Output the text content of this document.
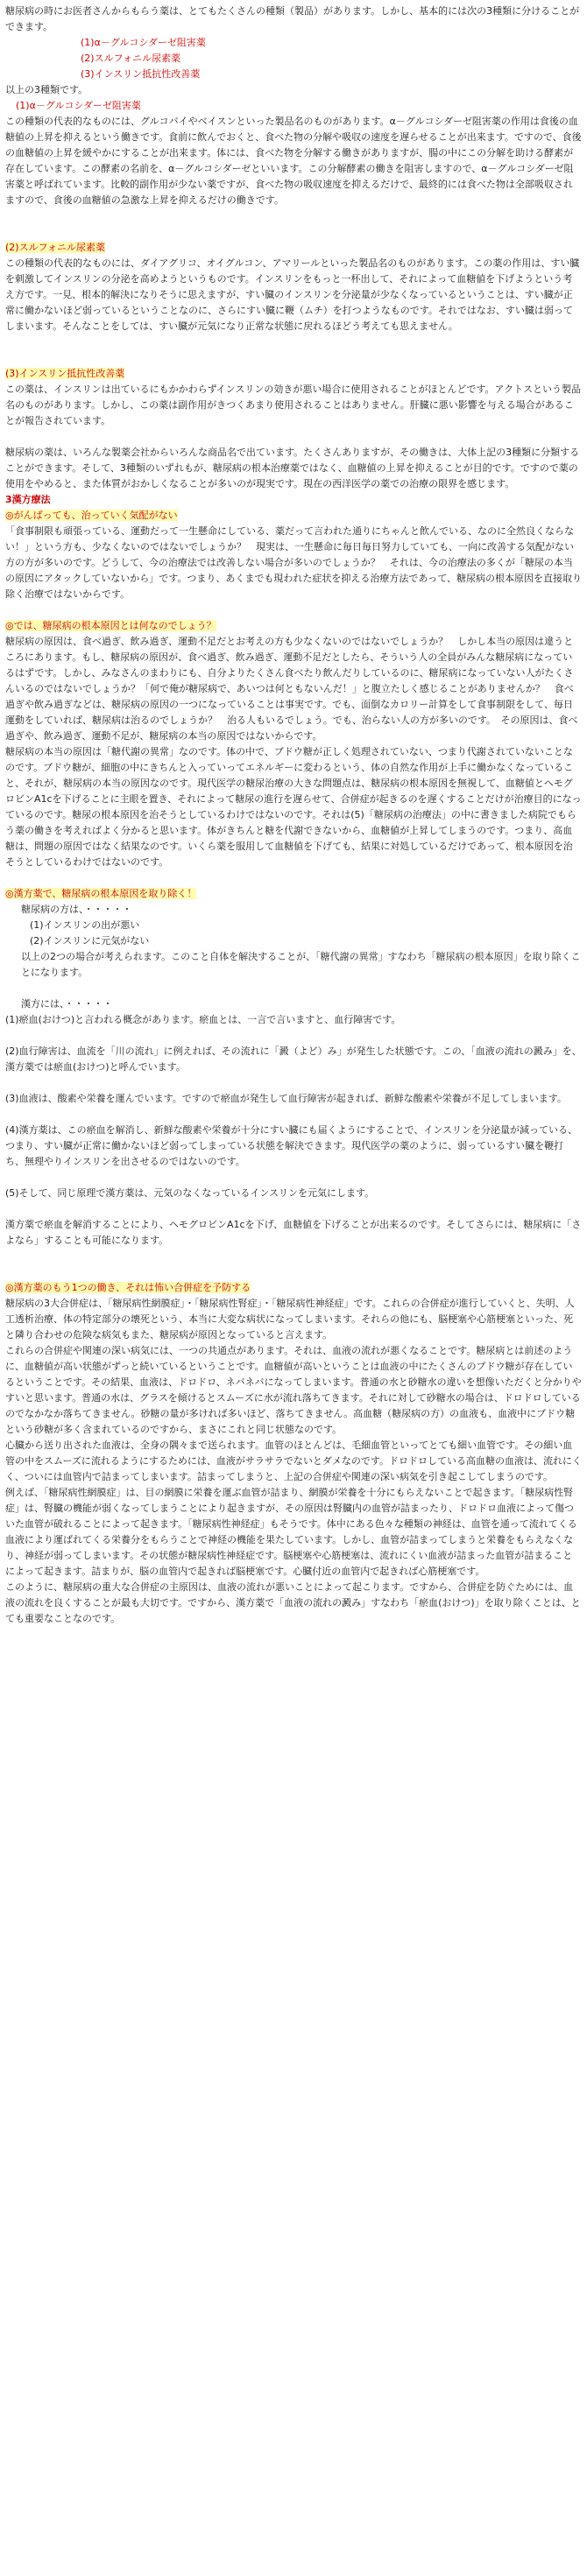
糖尿病の時にお医者さんからもらう薬は、とてもたくさんの種類（製品）があります。しかし、基本的には次の3種類に分けることができます。

(1)α－グルコシダーゼ阻害薬

(2)スルフォニル尿素薬

(3)インスリン抵抗性改善薬

以上の3種類です。

(1)α－グルコシダーゼ阻害薬

この種類の代表的なものには、グルコバイやベイスンといった製品名のものがあります。α－グルコシダーゼ阻害薬の作用は食後の血糖値の上昇を抑えるという働きです。食前に飲んでおくと、食べた物の分解や吸収の速度を遅らせることが出来ます。ですので、食後の血糖値の上昇を緩やかにすることが出来ます。体には、食べた物を分解する働きがありますが、腸の中にこの分解を助ける酵素が存在しています。この酵素の名前を、α－グルコシダーゼといいます。この分解酵素の働きを阻害しますので、α－グルコシダーゼ阻害薬と呼ばれています。比較的副作用が少ない薬ですが、食べた物の吸収速度を抑えるだけで、最終的には食べた物は全部吸収されますので、食後の血糖値の急激な上昇を抑えるだけの働きです。

(2)スルフォニル尿素薬

この種類の代表的なものには、ダイアグリコ、オイグルコン、アマリールといった製品名のものがあります。この薬の作用は、すい臓を刺激してインスリンの分泌を高めようというものです。インスリンをもっと一杯出して、それによって血糖値を下げようという考え方です。一見、根本的解決になりそうに思えますが、すい臓のインスリンを分泌量が少なくなっているということは、すい臓が正常に働かないほど弱っているということなのに、さらにすい臓に鞭（ムチ）を打つようなものです。それではなお、すい臓は弱ってしまいます。そんなことをしては、すい臓が元気になり正常な状態に戻れるほどう考えても思えません。

(3)インスリン抵抗性改善薬

この薬は、インスリンは出ているにもかかわらずインスリンの効きが悪い場合に使用されることがほとんどです。アクトスという製品名のものがあります。しかし、この薬は副作用がきつくあまり使用されることはありません。肝臓に悪い影響を与える場合があることが報告されています。

糖尿病の薬は、いろんな製薬会社からいろんな商品名で出ています。たくさんありますが、その働きは、大体上記の3種類に分類することができます。そして、3種類のいずれもが、糖尿病の根本治療薬ではなく、血糖値の上昇を抑えることが目的です。ですので薬の使用をやめると、また体質がおかしくなることが多いのが現実です。現在の西洋医学の薬での治療の限界を感じます。

3漢方療法

◎がんばっても、治っていく気配がない

「食事制限も頑張っている、運動だって一生懸命にしている、薬だって言われた通りにちゃんと飲んでいる、なのに全然良くならない！」という方も、少なくないのではないでしょうか？　現実は、一生懸命に毎日毎日努力していても、一向に改善する気配がない方の方が多いのです。どうして、今の治療法では改善しない場合が多いのでしょうか？　それは、今の治療法の多くが「糖尿の本当の原因にアタックしていないから」です。つまり、あくまでも現われた症状を抑える治療方法であって、糖尿病の根本原因を直接取り除く治療ではないからです。

◎では、糖尿病の根本原因とは何なのでしょう？

糖尿病の原因は、食べ過ぎ、飲み過ぎ、運動不足だとお考えの方も少なくないのではないでしょうか？　しかし本当の原因は違うところにあります。もし、糖尿病の原因が、食べ過ぎ、飲み過ぎ、運動不足だとしたら、そういう人の全員がみんな糖尿病になっているはずです。しかし、みなさんのまわりにも、自分よりたくさん食べたり飲んだりしているのに、糖尿病になっていない人がたくさんいるのではないでしょうか？「何で俺が糖尿病で、あいつは何ともないんだ！」と腹立たしく感じることがありませんか？　食べ過ぎや飲み過ぎなどは、糖尿病の原因の一つになっていることは事実です。でも、面倒なカロリー計算をして食事制限をして、毎日運動をしていれば、糖尿病は治るのでしょうか？　治る人もいるでしょう。でも、治らない人の方が多いのです。　その原因は、食べ過ぎや、飲み過ぎ、運動不足が、糖尿病の本当の原因ではないからです。

糖尿病の本当の原因は「糖代謝の異常」なのです。体の中で、ブドウ糖が正しく処理されていない、つまり代謝されていないことなのです。ブドウ糖が、細胞の中にきちんと入っていってエネルギーに変わるという、体の自然な作用が上手に働かなくなっていること、それが、糖尿病の本当の原因なのです。現代医学の糖尿治療の大きな問題点は、糖尿病の根本原因を無視して、血糖値とヘモグロビンA1cを下げることに主眼を置き、それによって糖尿の進行を遅らせて、合併症が起きるのを遅くすることだけが治療目的になっているのです。糖尿の根本原因を治そうとしているわけではないのです。それは(5)「糖尿病の治療法」の中に書きました病院でもらう薬の働きを考えればよく分かると思います。体がきちんと糖を代謝できないから、血糖値が上昇してしまうのです。つまり、高血糖は、問題の原因ではなく結果なのです。いくら薬を服用して血糖値を下げても、結果に対処しているだけであって、根本原因を治そうとしているわけではないのです。

◎漢方薬で、糖尿病の根本原因を取り除く！

糖尿病の方は、・・・・・

(1)インスリンの出が悪い

(2)インスリンに元気がない

以上の2つの場合が考えられます。このこと自体を解決することが、「糖代謝の異常」すなわち「糖尿病の根本原因」を取り除くことになります。

漢方には、・・・・・

(1)瘀血(おけつ)と言われる概念があります。瘀血とは、一言で言いますと、血行障害です。

(2)血行障害は、血流を「川の流れ」に例えれば、その流れに「澱（よど）み」が発生した状態です。この、「血液の流れの澱み」を、漢方薬では瘀血(おけつ)と呼んでいます。

(3)血液は、酸素や栄養を運んでいます。ですので瘀血が発生して血行障害が起きれば、新鮮な酸素や栄養が不足してしまいます。

(4)漢方薬は、この瘀血を解消し、新鮮な酸素や栄養が十分にすい臓にも届くようにすることで、インスリンを分泌量が減っている、つまり、すい臓が正常に働かないほど弱ってしまっている状態を解決できます。現代医学の薬のように、弱っているすい臓を鞭打ち、無理やりインスリンを出させるのではないのです。

(5)そして、同じ原理で漢方薬は、元気のなくなっているインスリンを元気にします。

漢方薬で瘀血を解消することにより、ヘモグロビンA1cを下げ、血糖値を下げることが出来るのです。そしてさらには、糖尿病に「さよなら」することも可能になります。

◎漢方薬のもう1つの働き、それは怖い合併症を予防する

糖尿病の3大合併症は、「糖尿病性網膜症」・「糖尿病性腎症」・「糖尿病性神経症」です。これらの合併症が進行していくと、失明、人工透析治療、体の特定部分の壊死という、本当に大変な病状になってしまいます。それらの他にも、脳梗塞や心筋梗塞といった、死と隣り合わせの危険な病気もまた、糖尿病が原因となっていると言えます。

これらの合併症や関連の深い病気には、一つの共通点があります。それは、血液の流れが悪くなることです。糖尿病とは前述のように、血糖値が高い状態がずっと続いているということです。血糖値が高いということは血液の中にたくさんのブドウ糖が存在しているということです。その結果、血液は、ドロドロ、ネバネバになってしまいます。普通の水と砂糖水の違いを想像いただくと分かりやすいと思います。普通の水は、グラスを傾けるとスムーズに水が流れ落ちてきます。それに対して砂糖水の場合は、ドロドロしているのでなかなか落ちてきません。砂糖の量が多ければ多いほど、落ちてきません。高血糖（糖尿病の方）の血液も、血液中にブドウ糖という砂糖が多く含まれているのですから、まさにこれと同じ状態なのです。

心臓から送り出された血液は、全身の隅々まで送られます。血管のほとんどは、毛細血管といってとても細い血管です。その細い血管の中をスムーズに流れるようにするためには、血液がサラサラでないとダメなのです。ドロドロしている高血糖の血液は、流れにくく、ついには血管内で詰まってしまいます。詰まってしまうと、上記の合併症や関連の深い病気を引き起こしてしまうのです。

例えば、「糖尿病性網膜症」は、目の網膜に栄養を運ぶ血管が詰まり、網膜が栄養を十分にもらえないことで起きます。「糖尿病性腎症」は、腎臓の機能が弱くなってしまうことにより起きますが、その原因は腎臓内の血管が詰まったり、ドロドロ血液によって傷ついた血管が破れることによって起きます。「糖尿病性神経症」もそうです。体中にある色々な種類の神経は、血管を通って流れてくる血液により運ばれてくる栄養分をもらうことで神経の機能を果たしています。しかし、血管が詰まってしまうと栄養をもらえなくなり、神経が弱ってしまいます。その状態が糖尿病性神経症です。脳梗塞や心筋梗塞は、流れにくい血液が詰まった血管が詰まることによって起きます。詰まりが、脳の血管内で起きれば脳梗塞です。心臓付近の血管内で起きれば心筋梗塞です。

このように、糖尿病の重大な合併症の主原因は、血液の流れが悪いことによって起こります。ですから、合併症を防ぐためには、血液の流れを良くすることが最も大切です。ですから、漢方薬で「血液の流れの澱み」すなわち「瘀血(おけつ)」を取り除くことは、とても重要なことなのです。
